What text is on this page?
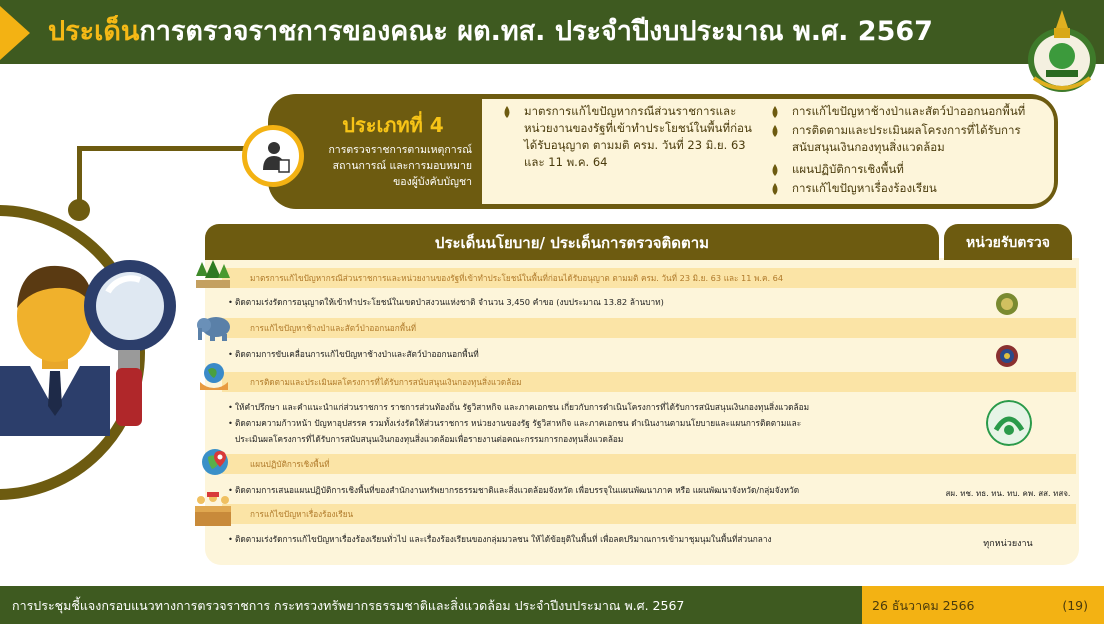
ประเด็นการตรวจราชการของคณะ ผต.ทส. ประจำปีงบประมาณ พ.ศ. 2567
ประเภทที่ 4
การตรวจราชการตามเหตุการณ์
สถานการณ์ และการมอบหมาย
ของผู้บังคับบัญชา
มาตรการแก้ไขปัญหากรณีส่วนราชการและ
หน่วยงานของรัฐที่เข้าทำประโยชน์ในพื้นที่ก่อน
ได้รับอนุญาต ตามมติ ครม. วันที่ 23 มิ.ย. 63
และ 11 พ.ค. 64
การแก้ไขปัญหาช้างป่าและสัตว์ป่าออกนอกพื้นที่
การติดตามและประเมินผลโครงการที่ได้รับการ
สนับสนุนเงินกองทุนสิ่งแวดล้อม
แผนปฏิบัติการเชิงพื้นที่
การแก้ไขปัญหาเรื่องร้องเรียน
ประเด็นนโยบาย/ ประเด็นการตรวจติดตาม	หน่วยรับตรวจ
มาตรการแก้ไขปัญหากรณีส่วนราชการและหน่วยงานของรัฐที่เข้าทำประโยชน์ในพื้นที่ก่อนได้รับอนุญาต ตามมติ ครม. วันที่ 23 มิ.ย. 63 และ 11 พ.ค. 64
• ติดตามเร่งรัดการอนุญาตให้เข้าทำประโยชน์ในเขตป่าสงวนแห่งชาติ จำนวน 3,450 คำขอ (งบประมาณ 13.82 ล้านบาท)
การแก้ไขปัญหาช้างป่าและสัตว์ป่าออกนอกพื้นที่
• ติดตามการขับเคลื่อนการแก้ไขปัญหาช้างป่าและสัตว์ป่าออกนอกพื้นที่
การติดตามและประเมินผลโครงการที่ได้รับการสนับสนุนเงินกองทุนสิ่งแวดล้อม
• ให้คำปรึกษา และคำแนะนำแก่ส่วนราชการ ราชการส่วนท้องถิ่น รัฐวิสาหกิจ และภาคเอกชน เกี่ยวกับการดำเนินโครงการที่ได้รับการสนับสนุนเงินกองทุนสิ่งแวดล้อม
• ติดตามความก้าวหน้า ปัญหาอุปสรรค รวมทั้งเร่งรัดให้ส่วนราชการ หน่วยงานของรัฐ รัฐวิสาหกิจ และภาคเอกชน ดำเนินงานตามนโยบายและแผนการติดตามและ
ประเมินผลโครงการที่ได้รับการสนับสนุนเงินกองทุนสิ่งแวดล้อมเพื่อรายงานต่อคณะกรรมการกองทุนสิ่งแวดล้อม
แผนปฏิบัติการเชิงพื้นที่
• ติดตามการเสนอแผนปฏิบัติการเชิงพื้นที่ของสำนักงานทรัพยากรธรรมชาติและสิ่งแวดล้อมจังหวัด เพื่อบรรจุในแผนพัฒนาภาค หรือ แผนพัฒนาจังหวัด/กลุ่มจังหวัด	สผ. ทช. ทธ. ทน. ทบ. คพ. สส. ทสจ.
การแก้ไขปัญหาเรื่องร้องเรียน
• ติดตามเร่งรัดการแก้ไขปัญหาเรื่องร้องเรียนทั่วไป และเรื่องร้องเรียนของกลุ่มมวลชน ให้ได้ข้อยุติในพื้นที่ เพื่อลดปริมาณการเข้ามาชุมนุมในพื้นที่ส่วนกลาง	ทุกหน่วยงาน
การประชุมชี้แจงกรอบแนวทางการตรวจราชการ กระทรวงทรัพยากรธรรมชาติและสิ่งแวดล้อม ประจำปีงบประมาณ พ.ศ. 2567	26 ธันวาคม 2566	(19)
